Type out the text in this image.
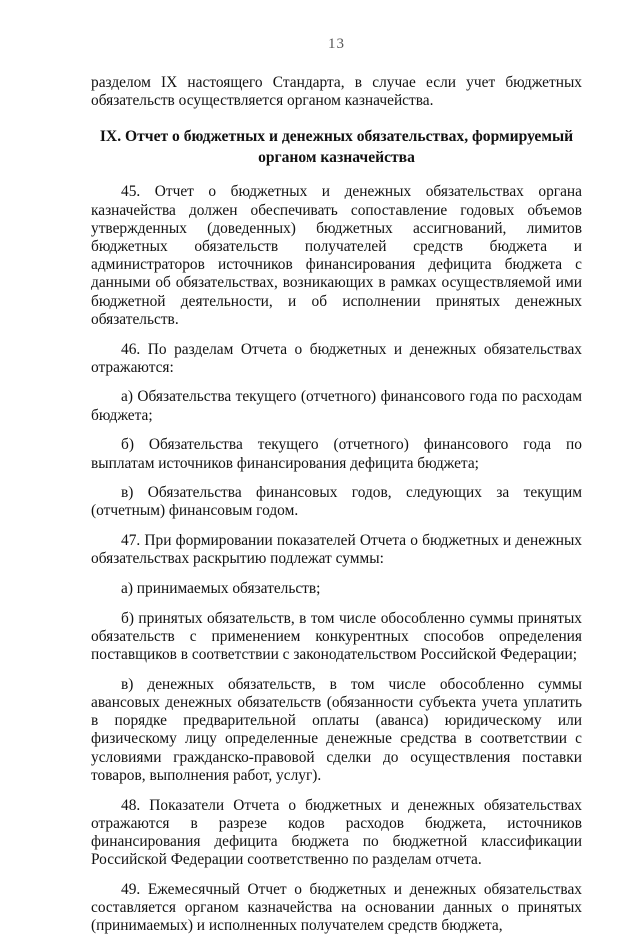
13

разделом IX настоящего Стандарта, в случае если учет бюджетных обязательств осуществляется органом казначейства.

IX. Отчет о бюджетных и денежных обязательствах, формируемый органом казначейства

45. Отчет о бюджетных и денежных обязательствах органа казначейства должен обеспечивать сопоставление годовых объемов утвержденных (доведенных) бюджетных ассигнований, лимитов бюджетных обязательств получателей средств бюджета и администраторов источников финансирования дефицита бюджета с данными об обязательствах, возникающих в рамках осуществляемой ими бюджетной деятельности, и об исполнении принятых денежных обязательств.

46. По разделам Отчета о бюджетных и денежных обязательствах отражаются:

а) Обязательства текущего (отчетного) финансового года по расходам бюджета;

б) Обязательства текущего (отчетного) финансового года по выплатам источников финансирования дефицита бюджета;

в) Обязательства финансовых годов, следующих за текущим (отчетным) финансовым годом.

47. При формировании показателей Отчета о бюджетных и денежных обязательствах раскрытию подлежат суммы:

а) принимаемых обязательств;

б) принятых обязательств, в том числе обособленно суммы принятых обязательств с применением конкурентных способов определения поставщиков в соответствии с законодательством Российской Федерации;

в) денежных обязательств, в том числе обособленно суммы авансовых денежных обязательств (обязанности субъекта учета уплатить в порядке предварительной оплаты (аванса) юридическому или физическому лицу определенные денежные средства в соответствии с условиями гражданско-правовой сделки до осуществления поставки товаров, выполнения работ, услуг).

48. Показатели Отчета о бюджетных и денежных обязательствах отражаются в разрезе кодов расходов бюджета, источников финансирования дефицита бюджета по бюджетной классификации Российской Федерации соответственно по разделам отчета.

49. Ежемесячный Отчет о бюджетных и денежных обязательствах составляется органом казначейства на основании данных о принятых (принимаемых) и исполненных получателем средств бюджета,
